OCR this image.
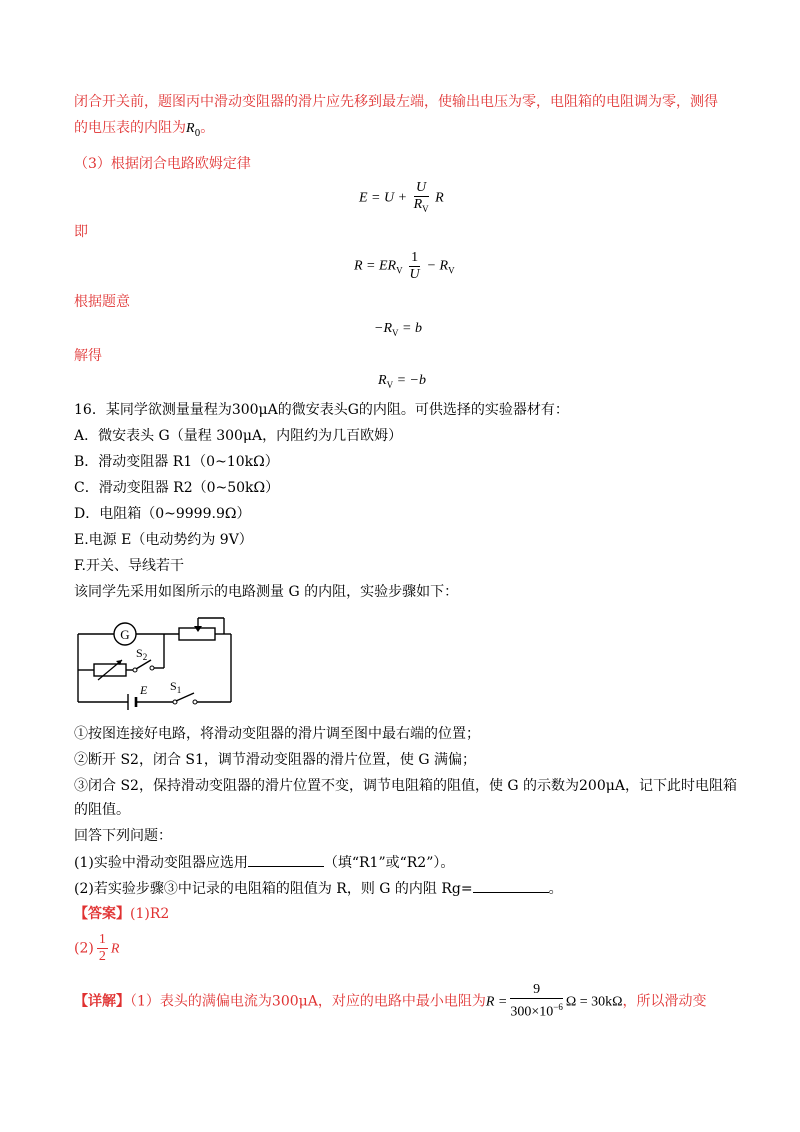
闭合开关前，题图丙中滑动变阻器的滑片应先移到最左端，使输出电压为零，电阻箱的电阻调为零，测得
的电压表的内阻为$R_0$。
（3）根据闭合电路欧姆定律
$E = U + \frac{U}{R_V}$ R
即
$R = ER_V \frac{1}{U} - R_V$
根据题意
$-R_V = b$
解得
$R_V = -b$
16．某同学欲测量量程为300μA的微安表头G的内阻。可供选择的实验器材有：
A．微安表头 G（量程 300μA，内阻约为几百欧姆）
B．滑动变阻器 R1（0~10kΩ）
C．滑动变阻器 R2（0~50kΩ）
D．电阻箱（0~9999.9Ω）
E.电源 E（电动势约为 9V）
F.开关、导线若干
该同学先采用如图所示的电路测量 G 的内阻，实验步骤如下：
G
$S_2$
E $S_1$
①按图连接好电路，将滑动变阻器的滑片调至图中最右端的位置；
②断开 S2，闭合 S1，调节滑动变阻器的滑片位置，使 G 满偏；
③闭合 S2，保持滑动变阻器的滑片位置不变，调节电阻箱的阻值，使 G 的示数为200μA，记下此时电阻箱
的阻值。
回答下列问题：
(1)实验中滑动变阻器应选用	（填“R1”或“R2”）。
(2)若实验步骤③中记录的电阻箱的阻值为 R，则 G 的内阻 Rg=	。
【答案】(1)R2
$(2) \frac{1}{2}$ R
【详解】（1）表头的满偏电流为300μA，对应的电路中最小电阻为$R = \frac{9}{300\times 10^{-6}}$ Ω = 30kΩ，所以滑动变
